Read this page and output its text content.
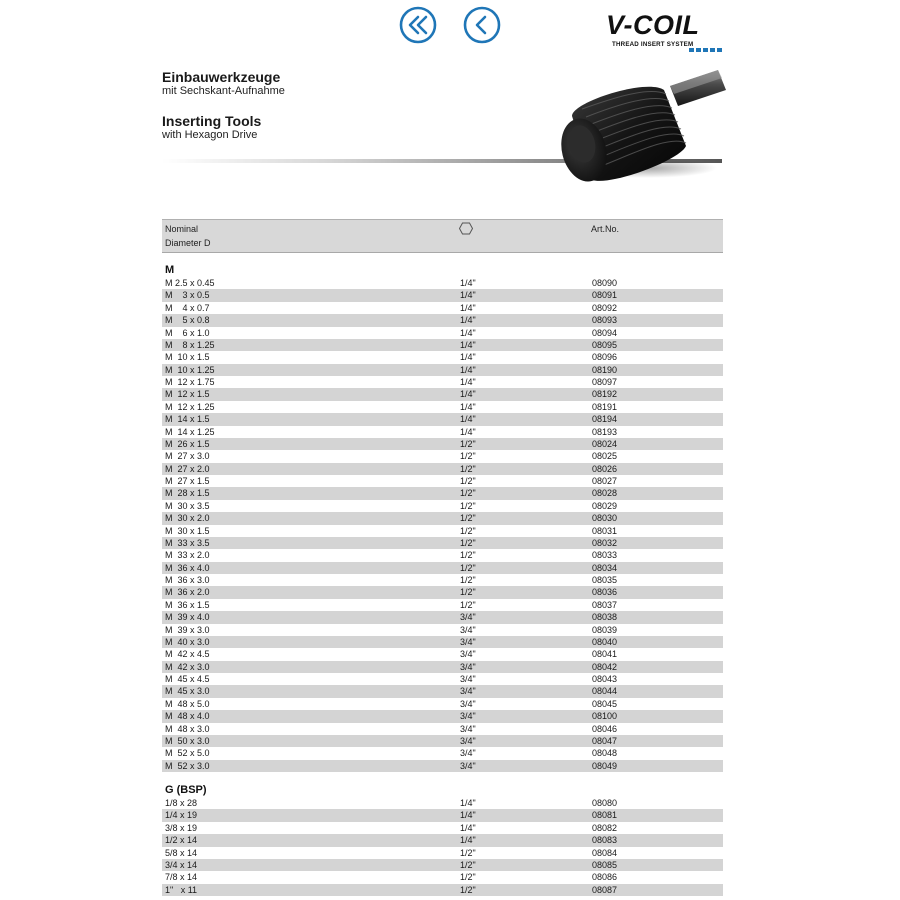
V-COIL
THREAD INSERT SYSTEM
Einbauwerkzeuge
mit Sechskant-Aufnahme
Inserting Tools
with Hexagon Drive
Nominal
Diameter D
Art.No.
M
M 2.5 x 0.45	1/4"	08090
M    3 x 0.5	1/4"	08091
M    4 x 0.7	1/4"	08092
M    5 x 0.8	1/4"	08093
M    6 x 1.0	1/4"	08094
M    8 x 1.25	1/4"	08095
M  10 x 1.5	1/4"	08096
M  10 x 1.25	1/4"	08190
M  12 x 1.75	1/4"	08097
M  12 x 1.5	1/4"	08192
M  12 x 1.25	1/4"	08191
M  14 x 1.5	1/4"	08194
M  14 x 1.25	1/4"	08193
M  26 x 1.5	1/2"	08024
M  27 x 3.0	1/2"	08025
M  27 x 2.0	1/2"	08026
M  27 x 1.5	1/2"	08027
M  28 x 1.5	1/2"	08028
M  30 x 3.5	1/2"	08029
M  30 x 2.0	1/2"	08030
M  30 x 1.5	1/2"	08031
M  33 x 3.5	1/2"	08032
M  33 x 2.0	1/2"	08033
M  36 x 4.0	1/2"	08034
M  36 x 3.0	1/2"	08035
M  36 x 2.0	1/2"	08036
M  36 x 1.5	1/2"	08037
M  39 x 4.0	3/4"	08038
M  39 x 3.0	3/4"	08039
M  40 x 3.0	3/4"	08040
M  42 x 4.5	3/4"	08041
M  42 x 3.0	3/4"	08042
M  45 x 4.5	3/4"	08043
M  45 x 3.0	3/4"	08044
M  48 x 5.0	3/4"	08045
M  48 x 4.0	3/4"	08100
M  48 x 3.0	3/4"	08046
M  50 x 3.0	3/4"	08047
M  52 x 5.0	3/4"	08048
M  52 x 3.0	3/4"	08049
G (BSP)
1/8 x 28	1/4"	08080
1/4 x 19	1/4"	08081
3/8 x 19	1/4"	08082
1/2 x 14	1/4"	08083
5/8 x 14	1/2"	08084
3/4 x 14	1/2"	08085
7/8 x 14	1/2"	08086
1"   x 11	1/2"	08087
